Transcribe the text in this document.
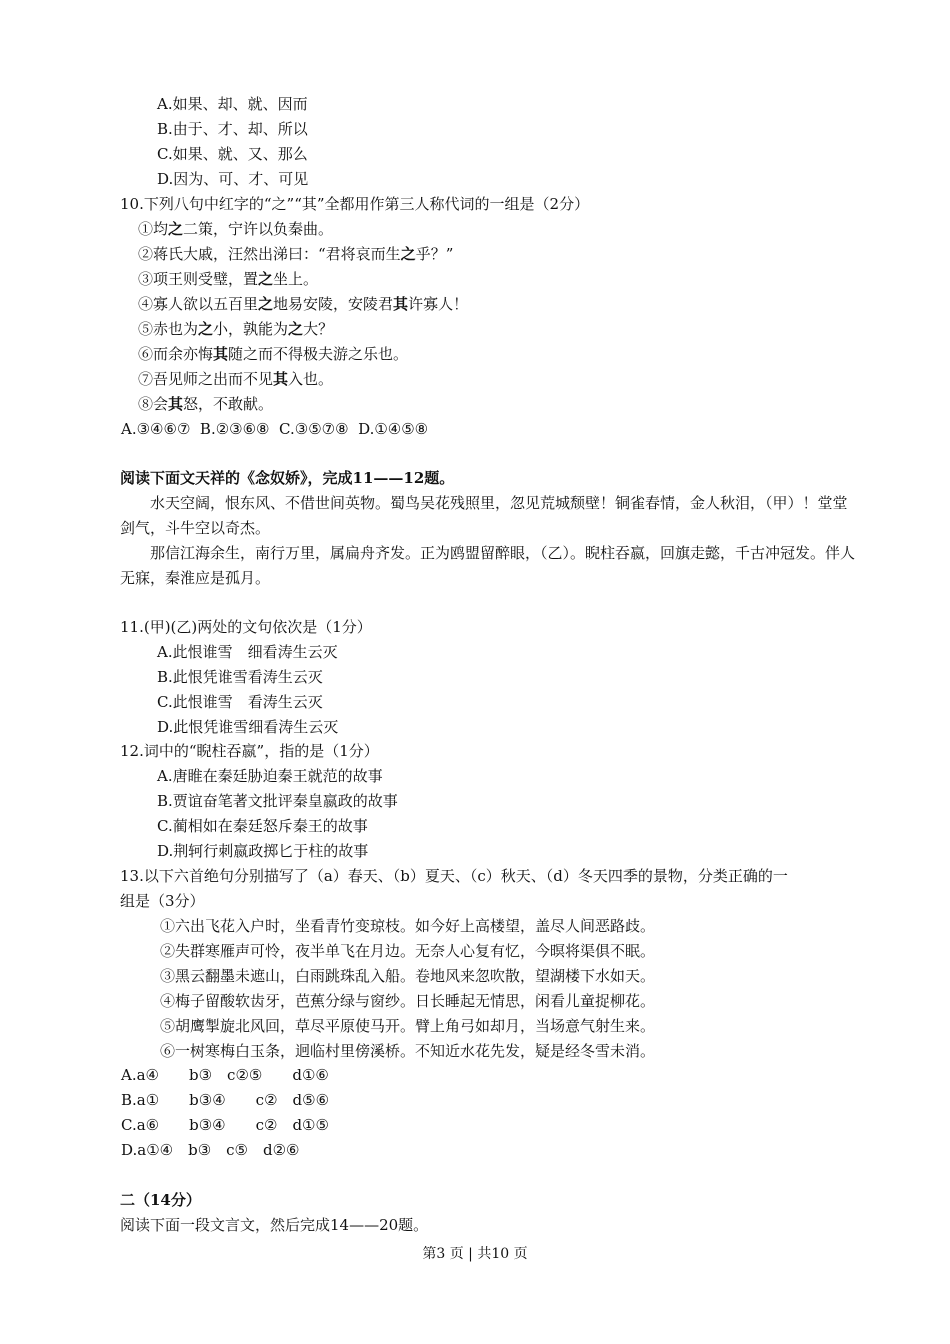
A.如果、却、就、因而
B.由于、才、却、所以
C.如果、就、又、那么
D.因为、可、才、可见
10.下列八句中红字的“之”“其”全都用作第三人称代词的一组是（2分）
①均之二策，宁许以负秦曲。
②蒋氏大戚，汪然出涕曰：“君将哀而生之乎？”
③项王则受璧，置之坐上。
④寡人欲以五百里之地易安陵，安陵君其许寡人！
⑤赤也为之小，孰能为之大？
⑥而余亦悔其随之而不得极夫游之乐也。
⑦吾见师之出而不见其入也。
⑧会其怒，不敢献。
A.③④⑥⑦  B.②③⑥⑧  C.③⑤⑦⑧  D.①④⑤⑧
阅读下面文天祥的《念奴娇》，完成11——12题。
水天空阔，恨东风、不借世间英物。蜀鸟吴花残照里，忽见荒城颓壁！铜雀春情，金人秋泪，（甲）！堂堂剑气，斗牛空以奇杰。
那信江海余生，南行万里，属扁舟齐发。正为鸥盟留醉眼，（乙）。睨柱吞嬴，回旗走懿，千古冲冠发。伴人无寐，秦淮应是孤月。
11.(甲)(乙)两处的文句依次是（1分）
A.此恨谁雪　细看涛生云灭
B.此恨凭谁雪看涛生云灭
C.此恨谁雪　看涛生云灭
D.此恨凭谁雪细看涛生云灭
12.词中的“睨柱吞嬴”，指的是（1分）
A.唐睢在秦廷胁迫秦王就范的故事
B.贾谊奋笔著文批评秦皇嬴政的故事
C.蔺相如在秦廷怒斥秦王的故事
D.荆轲行刺嬴政掷匕于柱的故事
13.以下六首绝句分别描写了（a）春天、（b）夏天、（c）秋天、（d）冬天四季的景物，分类正确的一
组是（3分）
①六出飞花入户时，坐看青竹变琼枝。如今好上高楼望，盖尽人间恶路歧。
②失群寒雁声可怜，夜半单飞在月边。无奈人心复有忆，今暝将渠俱不眠。
③黑云翻墨未遮山，白雨跳珠乱入船。卷地风来忽吹散，望湖楼下水如天。
④梅子留酸软齿牙，芭蕉分绿与窗纱。日长睡起无情思，闲看儿童捉柳花。
⑤胡鹰掣旋北风回，草尽平原使马开。臂上角弓如却月，当场意气射生来。
⑥一树寒梅白玉条，迥临村里傍溪桥。不知近水花先发，疑是经冬雪未消。
A.a④　　b③　c②⑤　　d①⑥
B.a①　　b③④　　c②　d⑤⑥
C.a⑥　　b③④　　c②　d①⑤
D.a①④　b③　c⑤　d②⑥
二（14分）
阅读下面一段文言文，然后完成14——20题。
第3 页 | 共10 页
